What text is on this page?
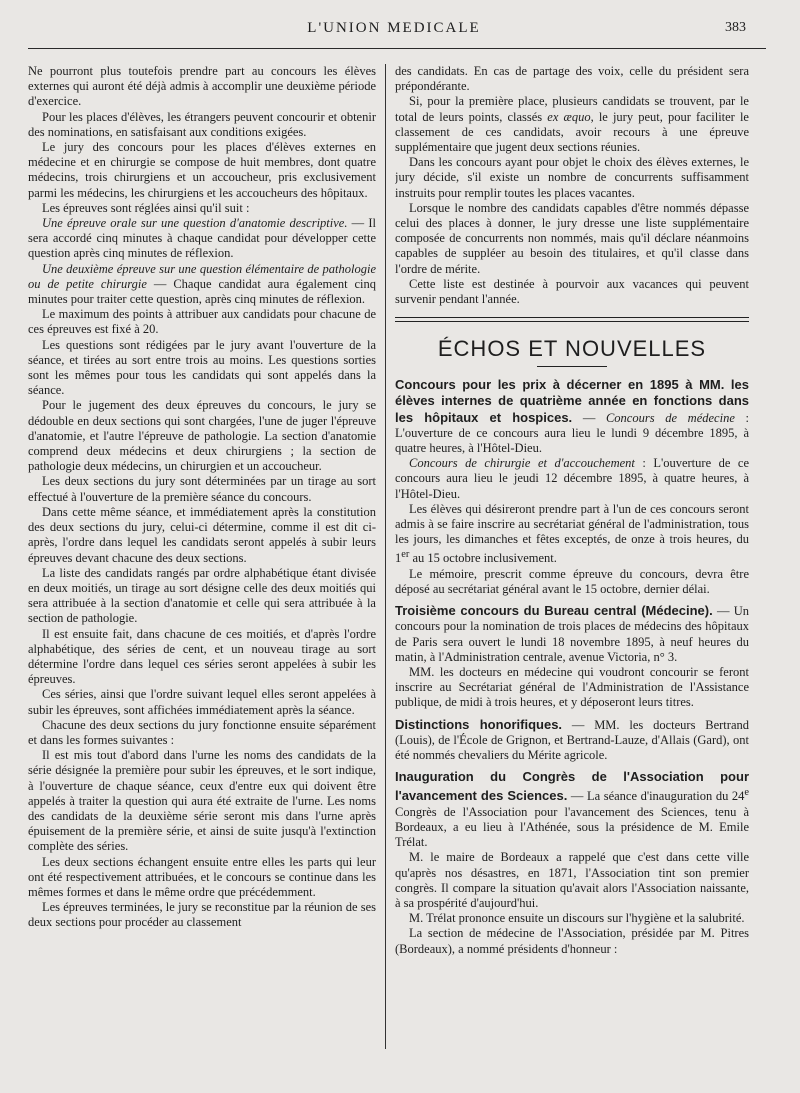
L'UNION MEDICALE	383

Ne pourront plus toutefois prendre part au concours les élèves externes qui auront été déjà admis à accomplir une deuxième période d'exercice.

Pour les places d'élèves, les étrangers peuvent concourir et obtenir des nominations, en satisfaisant aux conditions exigées.

Le jury des concours pour les places d'élèves externes en médecine et en chirurgie se compose de huit membres, dont quatre médecins, trois chirurgiens et un accoucheur, pris exclusivement parmi les médecins, les chirurgiens et les accoucheurs des hôpitaux.

Les épreuves sont réglées ainsi qu'il suit :

Une épreuve orale sur une question d'anatomie descriptive. — Il sera accordé cinq minutes à chaque candidat pour développer cette question après cinq minutes de réflexion.

Une deuxième épreuve sur une question élémentaire de pathologie ou de petite chirurgie — Chaque candidat aura également cinq minutes pour traiter cette question, après cinq minutes de réflexion.

Le maximum des points à attribuer aux candidats pour chacune de ces épreuves est fixé à 20.

Les questions sont rédigées par le jury avant l'ouverture de la séance, et tirées au sort entre trois au moins. Les questions sorties sont les mêmes pour tous les candidats qui sont appelés dans la séance.

Pour le jugement des deux épreuves du concours, le jury se dédouble en deux sections qui sont chargées, l'une de juger l'épreuve d'anatomie, et l'autre l'épreuve de pathologie. La section d'anatomie comprend deux médecins et deux chirurgiens ; la section de pathologie deux médecins, un chirurgien et un accoucheur.

Les deux sections du jury sont déterminées par un tirage au sort effectué à l'ouverture de la première séance du concours.

Dans cette même séance, et immédiatement après la constitution des deux sections du jury, celui-ci détermine, comme il est dit ci-après, l'ordre dans lequel les candidats seront appelés à subir leurs épreuves devant chacune des deux sections.

La liste des candidats rangés par ordre alphabétique étant divisée en deux moitiés, un tirage au sort désigne celle des deux moitiés qui sera attribuée à la section d'anatomie et celle qui sera attribuée à la section de pathologie.

Il est ensuite fait, dans chacune de ces moitiés, et d'après l'ordre alphabétique, des séries de cent, et un nouveau tirage au sort détermine l'ordre dans lequel ces séries seront appelées à subir les épreuves.

Ces séries, ainsi que l'ordre suivant lequel elles seront appelées à subir les épreuves, sont affichées immédiatement après la séance.

Chacune des deux sections du jury fonctionne ensuite séparément et dans les formes suivantes :

Il est mis tout d'abord dans l'urne les noms des candidats de la série désignée la première pour subir les épreuves, et le sort indique, à l'ouverture de chaque séance, ceux d'entre eux qui doivent être appelés à traiter la question qui aura été extraite de l'urne. Les noms des candidats de la deuxième série seront mis dans l'urne après épuisement de la première série, et ainsi de suite jusqu'à l'extinction complète des séries.

Les deux sections échangent ensuite entre elles les parts qui leur ont été respectivement attribuées, et le concours se continue dans les mêmes formes et dans le même ordre que précédemment.

Les épreuves terminées, le jury se reconstitue par la réunion de ses deux sections pour procéder au classement

des candidats. En cas de partage des voix, celle du président sera prépondérante.

Si, pour la première place, plusieurs candidats se trouvent, par le total de leurs points, classés ex æquo, le jury peut, pour faciliter le classement de ces candidats, avoir recours à une épreuve supplémentaire que jugent deux sections réunies.

Dans les concours ayant pour objet le choix des élèves externes, le jury décide, s'il existe un nombre de concurrents suffisamment instruits pour remplir toutes les places vacantes.

Lorsque le nombre des candidats capables d'être nommés dépasse celui des places à donner, le jury dresse une liste supplémentaire composée de concurrents non nommés, mais qu'il déclare néanmoins capables de suppléer au besoin des titulaires, et qu'il classe dans l'ordre de mérite.

Cette liste est destinée à pourvoir aux vacances qui peuvent survenir pendant l'année.

ÉCHOS ET NOUVELLES

Concours pour les prix à décerner en 1895 à MM. les élèves internes de quatrième année en fonctions dans les hôpitaux et hospices. — Concours de médecine : L'ouverture de ce concours aura lieu le lundi 9 décembre 1895, à quatre heures, à l'Hôtel-Dieu.

Concours de chirurgie et d'accouchement : L'ouverture de ce concours aura lieu le jeudi 12 décembre 1895, à quatre heures, à l'Hôtel-Dieu.

Les élèves qui désireront prendre part à l'un de ces concours seront admis à se faire inscrire au secrétariat général de l'administration, tous les jours, les dimanches et fêtes exceptés, de onze à trois heures, du 1er au 15 octobre inclusivement.

Le mémoire, prescrit comme épreuve du concours, devra être déposé au secrétariat général avant le 15 octobre, dernier délai.

Troisième concours du Bureau central (Médecine). — Un concours pour la nomination de trois places de médecins des hôpitaux de Paris sera ouvert le lundi 18 novembre 1895, à neuf heures du matin, à l'Administration centrale, avenue Victoria, n° 3.

MM. les docteurs en médecine qui voudront concourir se feront inscrire au Secrétariat général de l'Administration de l'Assistance publique, de midi à trois heures, et y déposeront leurs titres.

Distinctions honorifiques. — MM. les docteurs Bertrand (Louis), de l'École de Grignon, et Bertrand-Lauze, d'Allais (Gard), ont été nommés chevaliers du Mérite agricole.

Inauguration du Congrès de l'Association pour l'avancement des Sciences. — La séance d'inauguration du 24e Congrès de l'Association pour l'avancement des Sciences, tenu à Bordeaux, a eu lieu à l'Athénée, sous la présidence de M. Emile Trélat.

M. le maire de Bordeaux a rappelé que c'est dans cette ville qu'après nos désastres, en 1871, l'Association tint son premier congrès. Il compare la situation qu'avait alors l'Association naissante, à sa prospérité d'aujourd'hui.

M. Trélat prononce ensuite un discours sur l'hygiène et la salubrité.

La section de médecine de l'Association, présidée par M. Pitres (Bordeaux), a nommé présidents d'honneur :
